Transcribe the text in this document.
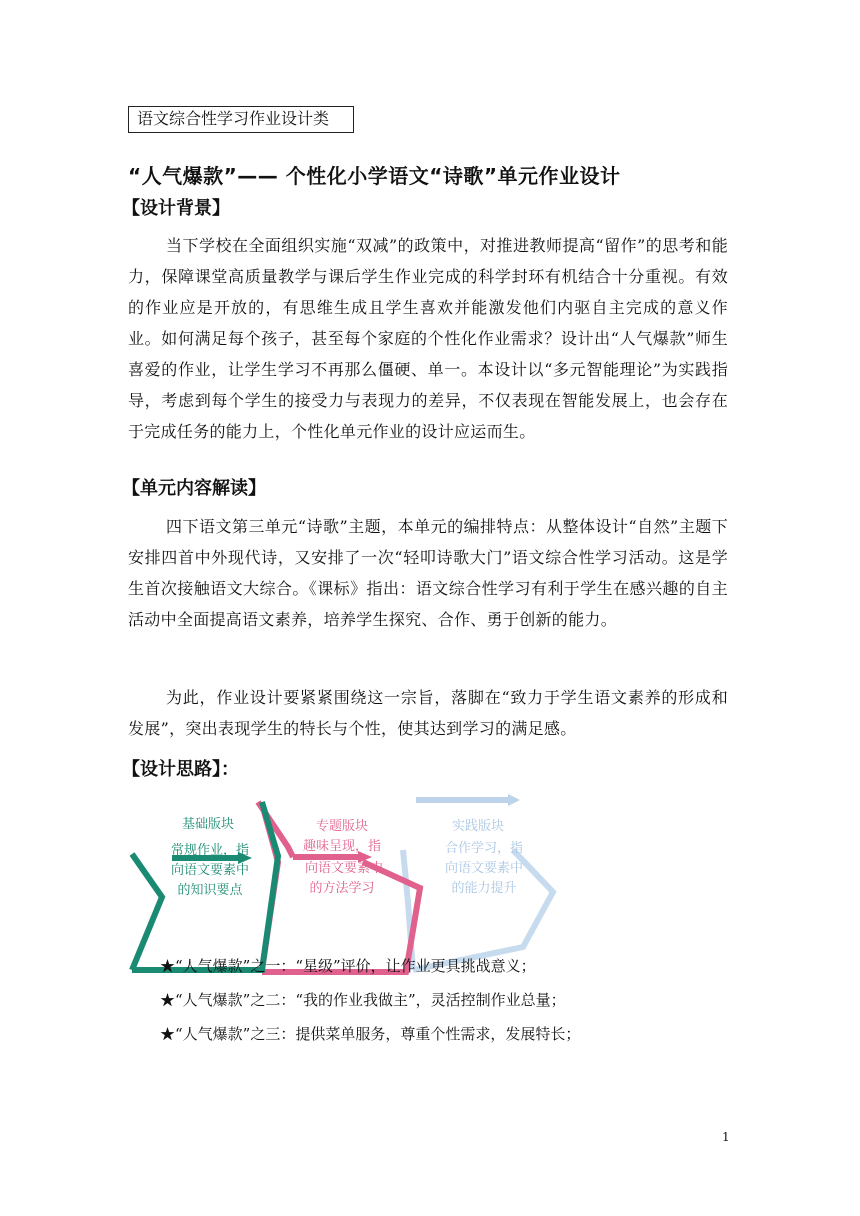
语文综合性学习作业设计类
“人气爆款”—— 个性化小学语文“诗歌”单元作业设计
【设计背景】
当下学校在全面组织实施“双减”的政策中，对推进教师提高“留作”的思考和能力，保障课堂高质量教学与课后学生作业完成的科学封环有机结合十分重视。有效的作业应是开放的，有思维生成且学生喜欢并能激发他们内驱自主完成的意义作业。如何满足每个孩子，甚至每个家庭的个性化作业需求？设计出“人气爆款”师生喜爱的作业，让学生学习不再那么僵硬、单一。本设计以“多元智能理论”为实践指导，考虑到每个学生的接受力与表现力的差异，不仅表现在智能发展上，也会存在于完成任务的能力上，个性化单元作业的设计应运而生。
【单元内容解读】
四下语文第三单元“诗歌”主题，本单元的编排特点：从整体设计“自然”主题下安排四首中外现代诗，又安排了一次“轻叩诗歌大门”语文综合性学习活动。这是学生首次接触语文大综合。《课标》指出：语文综合性学习有利于学生在感兴趣的自主活动中全面提高语文素养，培养学生探究、合作、勇于创新的能力。
为此，作业设计要紧紧围绕这一宗旨，落脚在“致力于学生语文素养的形成和发展”，突出表现学生的特长与个性，使其达到学习的满足感。
【设计思路】：
基础版块
常规作业，指
向语文要素中
的知识要点
专题版块
趣味呈现，指
向语文要素中
的方法学习
实践版块
合作学习，指
向语文要素中
的能力提升
★“人气爆款”之一：“星级”评价，让作业更具挑战意义；
★“人气爆款”之二：“我的作业我做主”，灵活控制作业总量；
★“人气爆款”之三：提供菜单服务，尊重个性需求，发展特长；
1
